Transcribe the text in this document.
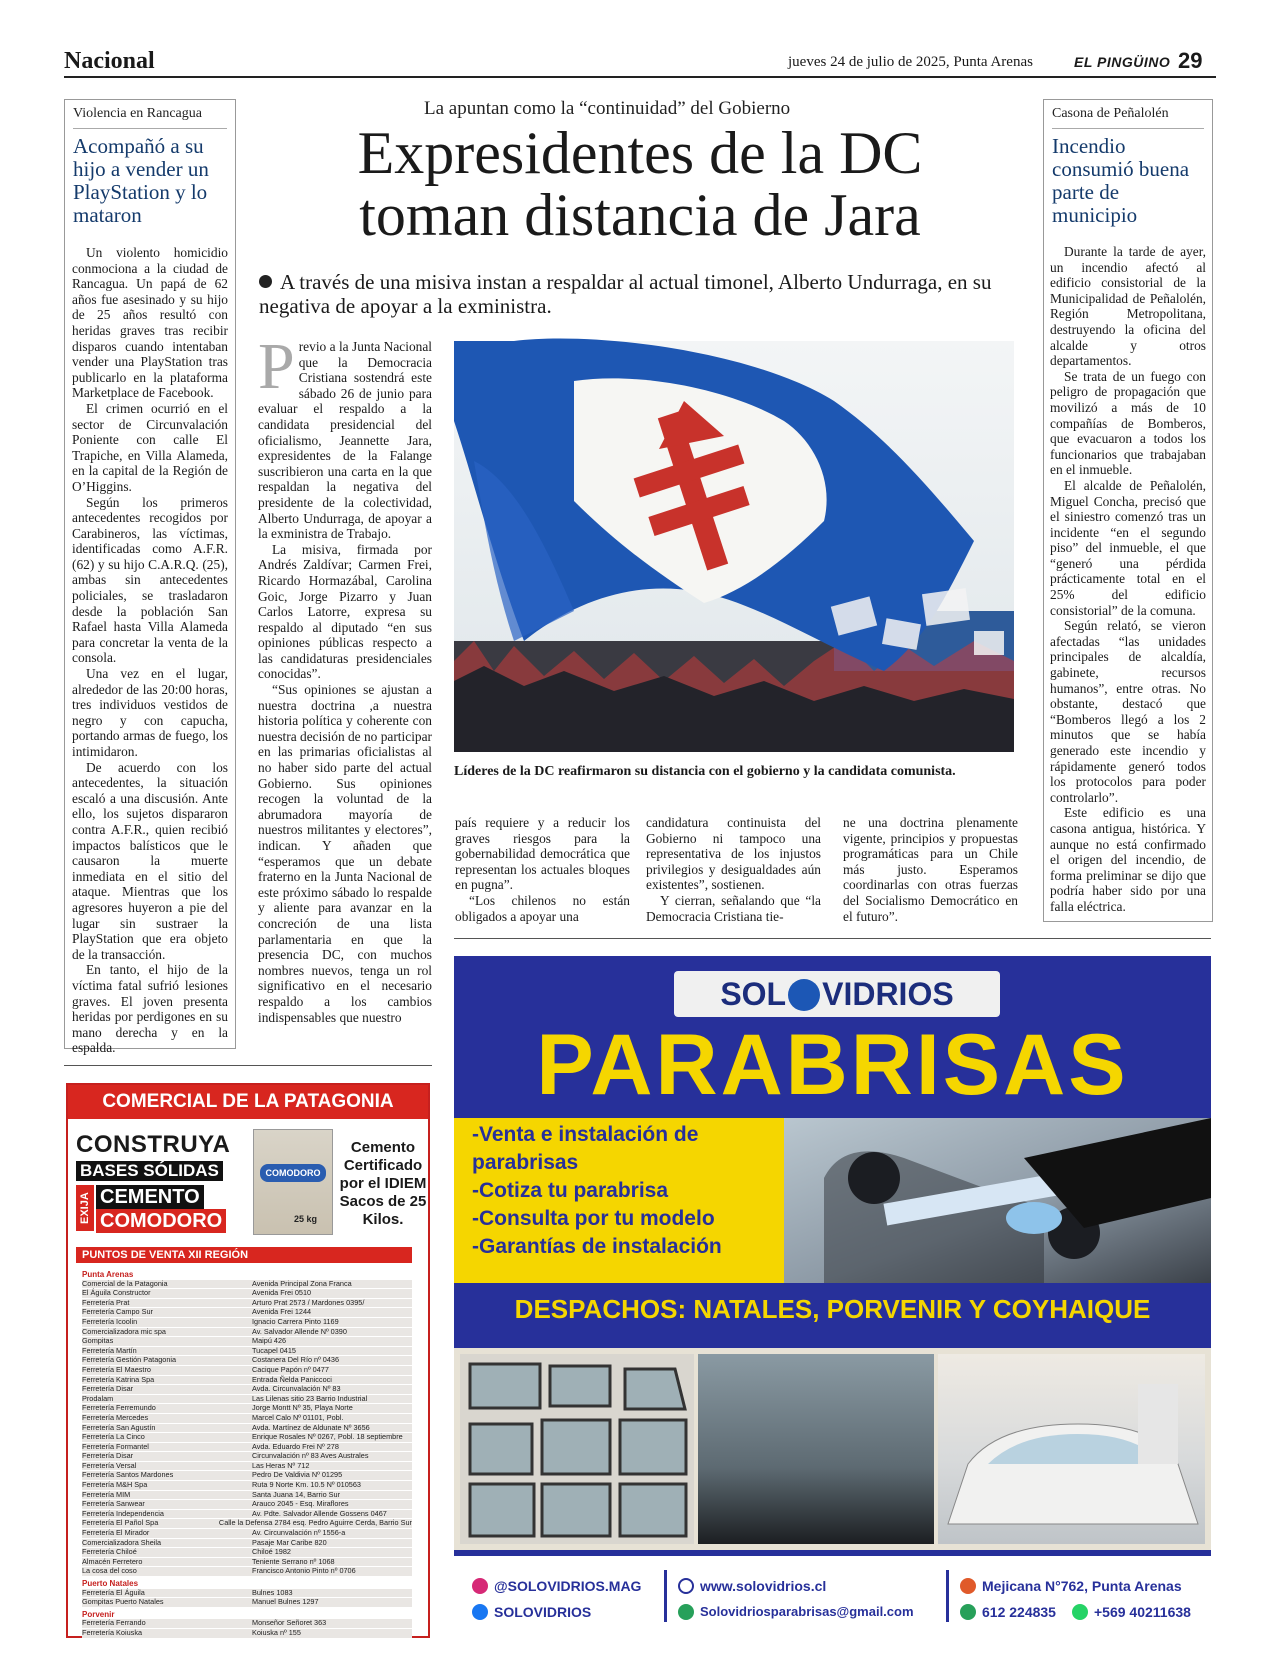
Nacional	jueves 24 de julio de 2025, Punta Arenas	EL PINGÜINO 29
Violencia en Rancagua
Acompañó a su hijo a vender un PlayStation y lo mataron

Un violento homicidio conmociona a la ciudad de Rancagua. Un papá de 62 años fue asesinado y su hijo de 25 años resultó con heridas graves tras recibir disparos cuando intentaban vender una PlayStation tras publicarlo en la plataforma Marketplace de Facebook.

El crimen ocurrió en el sector de Circunvalación Poniente con calle El Trapiche, en Villa Alameda, en la capital de la Región de O’Higgins.

Según los primeros antecedentes recogidos por Carabineros, las víctimas, identificadas como A.F.R. (62) y su hijo C.A.R.Q. (25), ambas sin antecedentes policiales, se trasladaron desde la población San Rafael hasta Villa Alameda para concretar la venta de la consola.

Una vez en el lugar, alrededor de las 20:00 horas, tres individuos vestidos de negro y con capucha, portando armas de fuego, los intimidaron.

De acuerdo con los antecedentes, la situación escaló a una discusión. Ante ello, los sujetos dispararon contra A.F.R., quien recibió impactos balísticos que le causaron la muerte inmediata en el sitio del ataque. Mientras que los agresores huyeron a pie del lugar sin sustraer la PlayStation que era objeto de la transacción.

En tanto, el hijo de la víctima fatal sufrió lesiones graves. El joven presenta heridas por perdigones en su mano derecha y en la espalda.

Casona de Peñalolén
Incendio consumió buena parte de municipio

Durante la tarde de ayer, un incendio afectó al edificio consistorial de la Municipalidad de Peñalolén, Región Metropolitana, destruyendo la oficina del alcalde y otros departamentos.

Se trata de un fuego con peligro de propagación que movilizó a más de 10 compañías de Bomberos, que evacuaron a todos los funcionarios que trabajaban en el inmueble.

El alcalde de Peñalolén, Miguel Concha, precisó que el siniestro comenzó tras un incidente “en el segundo piso” del inmueble, el que “generó una pérdida prácticamente total en el 25% del edificio consistorial” de la comuna.

Según relató, se vieron afectadas “las unidades principales de alcaldía, gabinete, recursos humanos”, entre otras. No obstante, destacó que “Bomberos llegó a los 2 minutos que se había generado este incendio y rápidamente generó todos los protocolos para poder controlarlo”.

Este edificio es una casona antigua, histórica. Y aunque no está confirmado el origen del incendio, de forma preliminar se dijo que podría haber sido por una falla eléctrica.

La apuntan como la “continuidad” del Gobierno
Expresidentes de la DC toman distancia de Jara
A través de una misiva instan a respaldar al actual timonel, Alberto Undurraga, en su negativa de apoyar a la exministra.

Previo a la Junta Nacional que la Democracia Cristiana sostendrá este sábado 26 de junio para evaluar el respaldo a la candidata presidencial del oficialismo, Jeannette Jara, expresidentes de la Falange suscribieron una carta en la que respaldan la negativa del presidente de la colectividad, Alberto Undurraga, de apoyar a la exministra de Trabajo.

La misiva, firmada por Andrés Zaldívar; Carmen Frei, Ricardo Hormazábal, Carolina Goic, Jorge Pizarro y Juan Carlos Latorre, expresa su respaldo al diputado “en sus opiniones públicas respecto a las candidaturas presidenciales conocidas”.

“Sus opiniones se ajustan a nuestra doctrina ,a nuestra historia política y coherente con nuestra decisión de no participar en las primarias oficialistas al no haber sido parte del actual Gobierno. Sus opiniones recogen la voluntad de la abrumadora mayoría de nuestros militantes y electores”, indican. Y añaden que “esperamos que un debate fraterno en la Junta Nacional de este próximo sábado lo respalde y aliente para avanzar en la concreción de una lista parlamentaria en que la presencia DC, con muchos nombres nuevos, tenga un rol significativo en el necesario respaldo a los cambios indispensables que nuestro

Líderes de la DC reafirmaron su distancia con el gobierno y la candidata comunista.

país requiere y a reducir los graves riesgos para la gobernabilidad democrática que representan los actuales bloques en pugna”.

“Los chilenos no están obligados a apoyar una

candidatura continuista del Gobierno ni tampoco una representativa de los injustos privilegios y desigualdades aún existentes”, sostienen.

Y cierran, señalando que “la Democracia Cristiana tie-

ne una doctrina plenamente vigente, principios y propuestas programáticas para un Chile más justo. Esperamos coordinarlas con otras fuerzas del Socialismo Democrático en el futuro”.

COMERCIAL DE LA PATAGONIA
CONSTRUYA
BASES SÓLIDAS
EXIJA CEMENTO
COMODORO
COMODORO
25 kg
Cemento Certificado por el IDIEM Sacos de 25 Kilos.
PUNTOS DE VENTA XII REGIÓN
Punta Arenas
Comercial de la Patagonia	Avenida Principal Zona Franca
El Águila Constructor	Avenida Frei 0510
Ferretería Prat	Arturo Prat 2573 / Mardones 0395/
Ferretería Campo Sur	Avenida Frei 1244
Ferretería Icoolin	Ignacio Carrera Pinto 1169
Comercializadora mic spa	Av. Salvador Allende Nº 0390
Gompitas	Maipú 426
Ferretería Martín	Tucapel 0415
Ferretería Gestión Patagonia	Costanera Del Río nº 0436
Ferretería El Maestro	Cacique Papón nº 0477
Ferretería Katrina Spa	Entrada Ñelda Paniccoci
Ferretería Disar	Avda. Circunvalación Nº 83
Prodalam	Las Lilenas sitio 23 Barrio Industrial
Ferretería Ferremundo	Jorge Montt Nº 35, Playa Norte
Ferretería Mercedes	Marcel Calo Nº 01101, Pobl.
Ferretería San Agustín	Avda. Martínez de Aldunate Nº 3656
Ferretería La Cinco	Enrique Rosales Nº 0267, Pobl. 18 septiembre
Ferretería Formantel	Avda. Eduardo Frei Nº 278
Ferretería Disar	Circunvalación nº 83 Aves Australes
Ferretería Versal	Las Heras Nº 712
Ferretería Santos Mardones	Pedro De Valdivia Nº 01295
Ferretería M&H Spa	Ruta 9 Norte Km. 10.5 Nº 010563
Ferretería MIM	Santa Juana 14, Barrio Sur
Ferretería Sanwear	Arauco 2045 - Esq. Miraflores
Ferretería Independencia	Av. Pdte. Salvador Allende Gossens 0467
Ferretería El Pañol Spa	Calle la Defensa 2784 esq. Pedro Aguirre Cerda, Barrio Sur
Ferretería El Mirador	Av. Circunvalación nº 1556-a
Comercializadora Sheila	Pasaje Mar Caribe 820
Ferretería Chiloé	Chiloé 1982
Almacén Ferretero	Teniente Serrano nº 1068
La cosa del coso	Francisco Antonio Pinto nº 0706
Puerto Natales
Ferretería El Águila	Bulnes 1083
Gompitas Puerto Natales	Manuel Bulnes 1297
Porvenir
Ferretería Ferrando	Monseñor Señoret 363
Ferretería Koiuska	Koiuska nº 155
SOL VIDRIOS
PARABRISAS
-Venta e instalación de parabrisas
-Cotiza tu parabrisa
-Consulta por tu modelo
-Garantías de instalación
DESPACHOS: NATALES, PORVENIR Y COYHAIQUE
@SOLOVIDRIOS.MAG
SOLOVIDRIOS
www.solovidrios.cl
Solovidriosparabrisas@gmail.com
Mejicana N°762, Punta Arenas
612 224835	+569 40211638
